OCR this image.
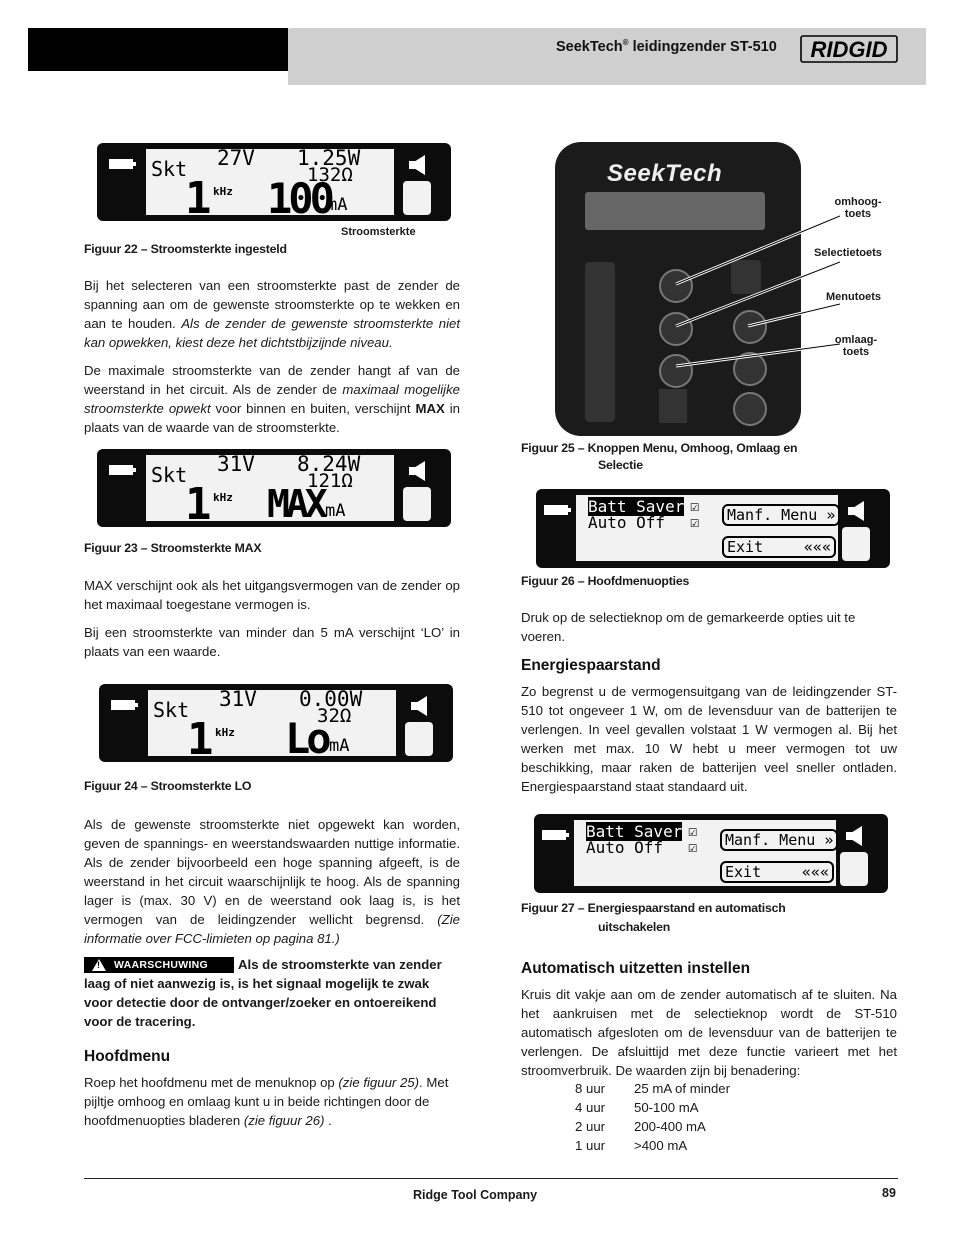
SeekTech® leidingzender ST-510 RIDGID
Skt 27V 1.25W
132Ω
1 kHz 100
mA
Stroomsterkte
Figuur 22 – Stroomsterkte ingesteld
Bij het selecteren van een stroomsterkte past de zender de spanning aan om de gewenste stroomsterkte op te wekken en aan te houden. Als de zender de gewenste stroomsterkte niet kan opwekken, kiest deze het dichtstbijzijnde niveau.
De maximale stroomsterkte van de zender hangt af van de weerstand in het circuit. Als de zender de maximaal mogelijke stroomsterkte opwekt voor binnen en buiten, verschijnt MAX in plaats van de waarde van de stroomsterkte.
Skt 31V 8.24W
121Ω
1 kHz MAX mA
Figuur 23 – Stroomsterkte MAX
MAX verschijnt ook als het uitgangsvermogen van de zender op het maximaal toegestane vermogen is.
Bij een stroomsterkte van minder dan 5 mA verschijnt ‘LO’ in plaats van een waarde.
Skt 31V 0.00W
32Ω
1 kHz Lo mA
Figuur 24 – Stroomsterkte LO
Als de gewenste stroomsterkte niet opgewekt kan worden, geven de spannings- en weerstandswaarden nuttige informatie. Als de zender bijvoorbeeld een hoge spanning afgeeft, is de weerstand in het circuit waarschijnlijk te hoog. Als de spanning lager is (max. 30 V) en de weerstand ook laag is, is het vermogen van de leidingzender wellicht begrensd. (Zie informatie over FCC-limieten op pagina 81.)
! WAARSCHUWING	Als de stroomsterkte van zender laag of niet aanwezig is, is het signaal mogelijk te zwak voor detectie door de ontvanger/zoeker en ontoereikend voor de tracering.
Hoofdmenu
Roep het hoofdmenu met de menuknop op (zie figuur 25). Met pijltje omhoog en omlaag kunt u in beide richtingen door de hoofdmenuopties bladeren (zie figuur 26) .
SeekTech
omhoog-
toets
Selectietoets
Menutoets
omlaag-
toets
Figuur 25 – Knoppen Menu, Omhoog, Omlaag en
Selectie
Batt Saver
Auto Off
☑
☑	Manf. Menu »
Exit	«««
Figuur 26 – Hoofdmenuopties
Druk op de selectieknop om de gemarkeerde opties uit te voeren.
Energiespaarstand
Zo begrenst u de vermogensuitgang van de leidingzender ST-510 tot ongeveer 1 W, om de levensduur van de batterijen te verlengen. In veel gevallen volstaat 1 W vermogen al. Bij het werken met max. 10 W hebt u meer vermogen tot uw beschikking, maar raken de batterijen veel sneller ontladen. Energiespaarstand staat standaard uit.
Batt Saver
Auto Off
☑
☑	Manf. Menu »
Exit	«««
Figuur 27 – Energiespaarstand en automatisch
uitschakelen
Automatisch uitzetten instellen
Kruis dit vakje aan om de zender automatisch af te sluiten. Na het aankruisen met de selectieknop wordt de ST-510 automatisch afgesloten om de levensduur van de batterijen te verlengen. De afsluittijd met deze functie varieert met het stroomverbruik. De waarden zijn bij benadering:
8 uur 25 mA of minder
4 uur 50-100 mA
2 uur 200-400 mA
1 uur >400 mA
Ridge Tool Company	89
